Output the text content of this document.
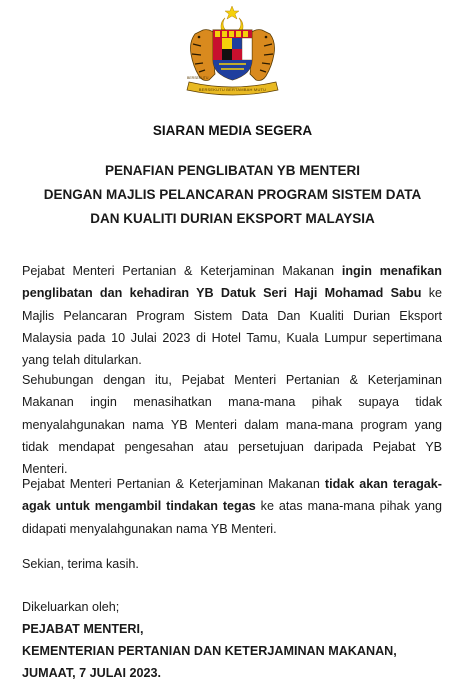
BERSEKUTU BERTAMBAH MUTU
BERSEKUTU
SIARAN MEDIA SEGERA
PENAFIAN PENGLIBATAN YB MENTERI
DENGAN MAJLIS PELANCARAN PROGRAM SISTEM DATA
DAN KUALITI DURIAN EKSPORT MALAYSIA
Pejabat Menteri Pertanian & Keterjaminan Makanan ingin menafikan penglibatan dan kehadiran YB Datuk Seri Haji Mohamad Sabu ke Majlis Pelancaran Program Sistem Data Dan Kualiti Durian Eksport Malaysia pada 10 Julai 2023 di Hotel Tamu, Kuala Lumpur sepertimana yang telah ditularkan.
Sehubungan dengan itu, Pejabat Menteri Pertanian & Keterjaminan Makanan ingin menasihatkan mana-mana pihak supaya tidak menyalahgunakan nama YB Menteri dalam mana-mana program yang tidak mendapat pengesahan atau persetujuan daripada Pejabat YB Menteri.
Pejabat Menteri Pertanian & Keterjaminan Makanan tidak akan teragak-agak untuk mengambil tindakan tegas ke atas mana-mana pihak yang didapati menyalahgunakan nama YB Menteri.
Sekian, terima kasih.
Dikeluarkan oleh;
PEJABAT MENTERI,
KEMENTERIAN PERTANIAN DAN KETERJAMINAN MAKANAN,
JUMAAT, 7 JULAI 2023.
